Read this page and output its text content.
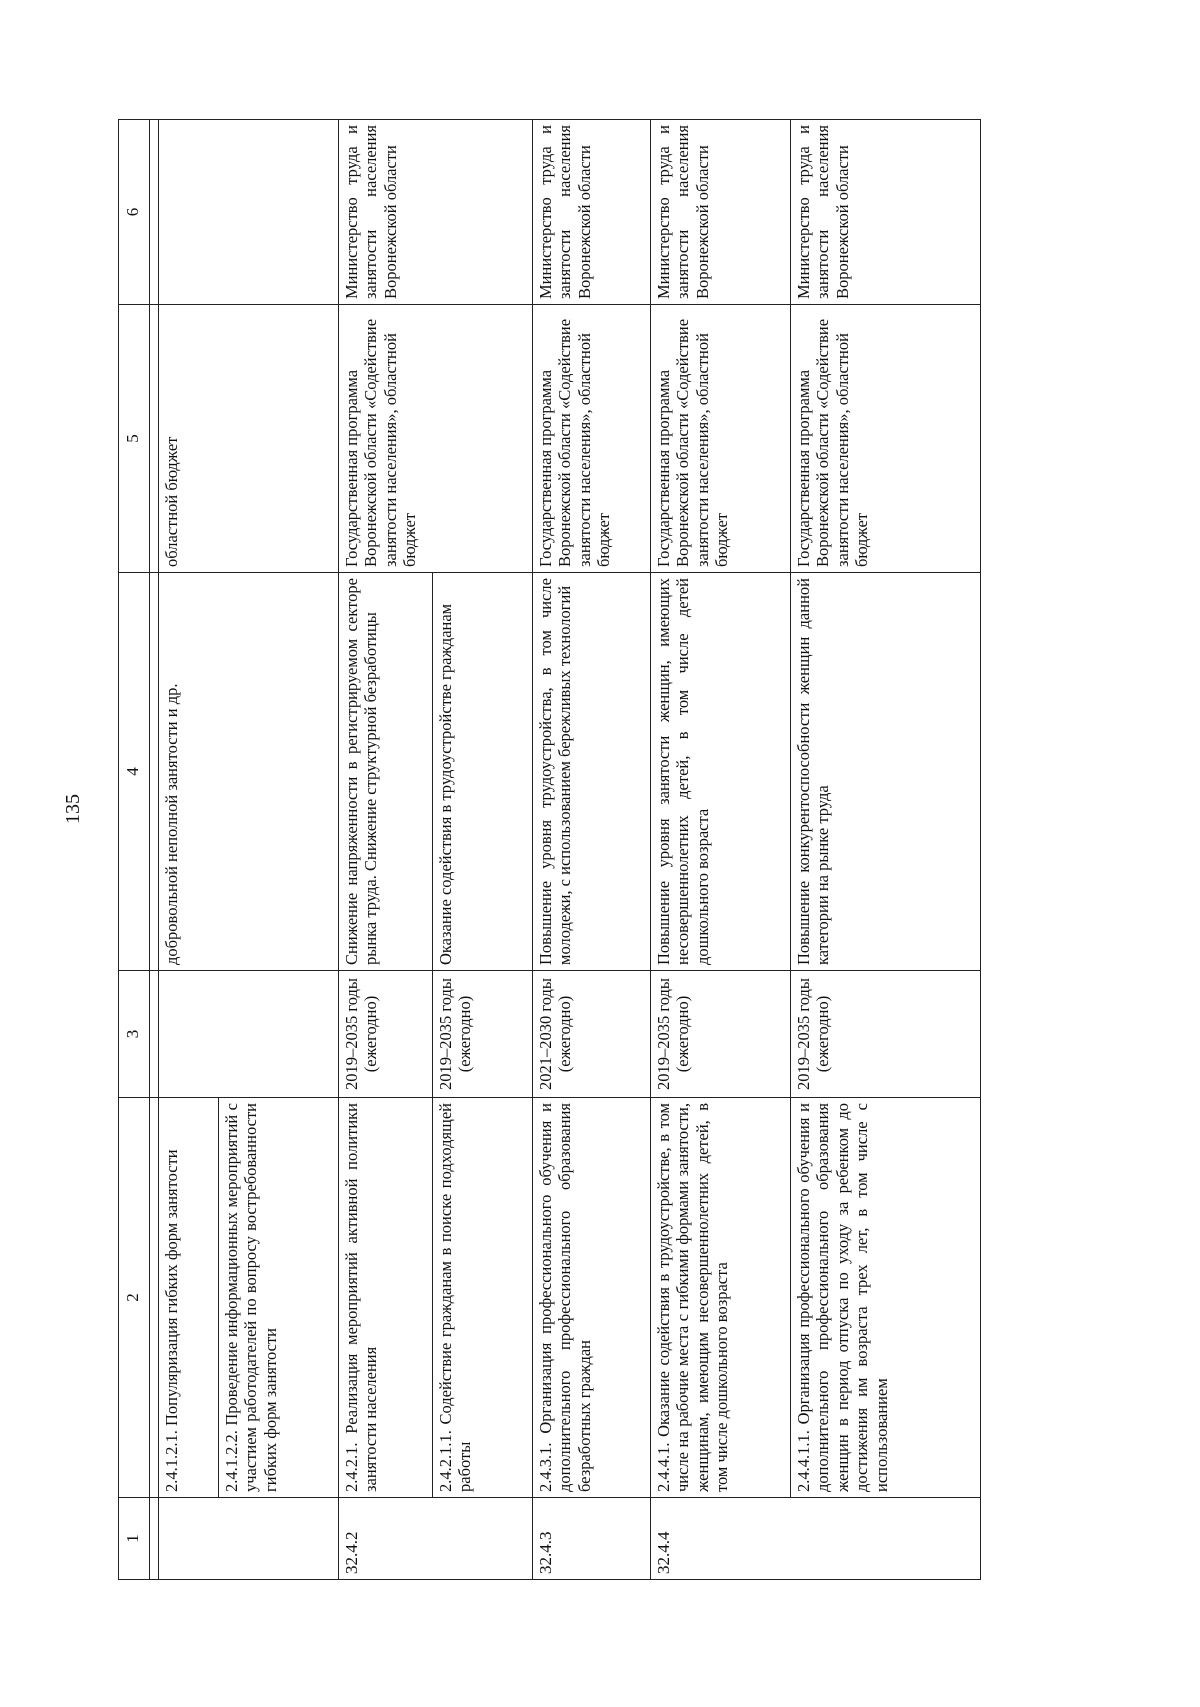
135
1	2	3	4	5	6

	2.4.1.2.1. Популяризация гибких форм занятости		добровольной неполной занятости и др.	областной бюджет	
	2.4.1.2.2. Проведение информационных мероприятий с участием работодателей по вопросу востребованности гибких форм занятости				
32.4.2	2.4.2.1. Реализация мероприятий активной политики занятости населения	2019–2035 годы (ежегодно)	Снижение напряженности в регистрируемом секторе рынка труда. Снижение структурной безработицы	Государственная программа Воронежской области «Содействие занятости населения», областной бюджет	Министерство труда и занятости населения Воронежской области
	2.4.2.1.1. Содействие гражданам в поиске подходящей работы	2019–2035 годы (ежегодно)	Оказание содействия в трудоустройстве гражданам		
32.4.3	2.4.3.1. Организация профессионального обучения и дополнительного профессионального образования безработных граждан	2021–2030 годы (ежегодно)	Повышение уровня трудоустройства, в том числе молодежи, с использованием бережливых технологий	Государственная программа Воронежской области «Содействие занятости населения», областной бюджет	Министерство труда и занятости населения Воронежской области
32.4.4	2.4.4.1. Оказание содействия в трудоустройстве, в том числе на рабочие места с гибкими формами занятости, женщинам, имеющим несовершеннолетних детей, в том числе дошкольного возраста	2019–2035 годы (ежегодно)	Повышение уровня занятости женщин, имеющих несовершеннолетних детей, в том числе детей дошкольного возраста	Государственная программа Воронежской области «Содействие занятости населения», областной бюджет	Министерство труда и занятости населения Воронежской области
	2.4.4.1.1. Организация профессионального обучения и дополнительного профессионального образования женщин в период отпуска по уходу за ребенком до достижения им возраста трех лет, в том числе с использованием	2019–2035 годы (ежегодно)	Повышение конкурентоспособности женщин данной категории на рынке труда	Государственная программа Воронежской области «Содействие занятости населения», областной бюджет	Министерство труда и занятости населения Воронежской области
